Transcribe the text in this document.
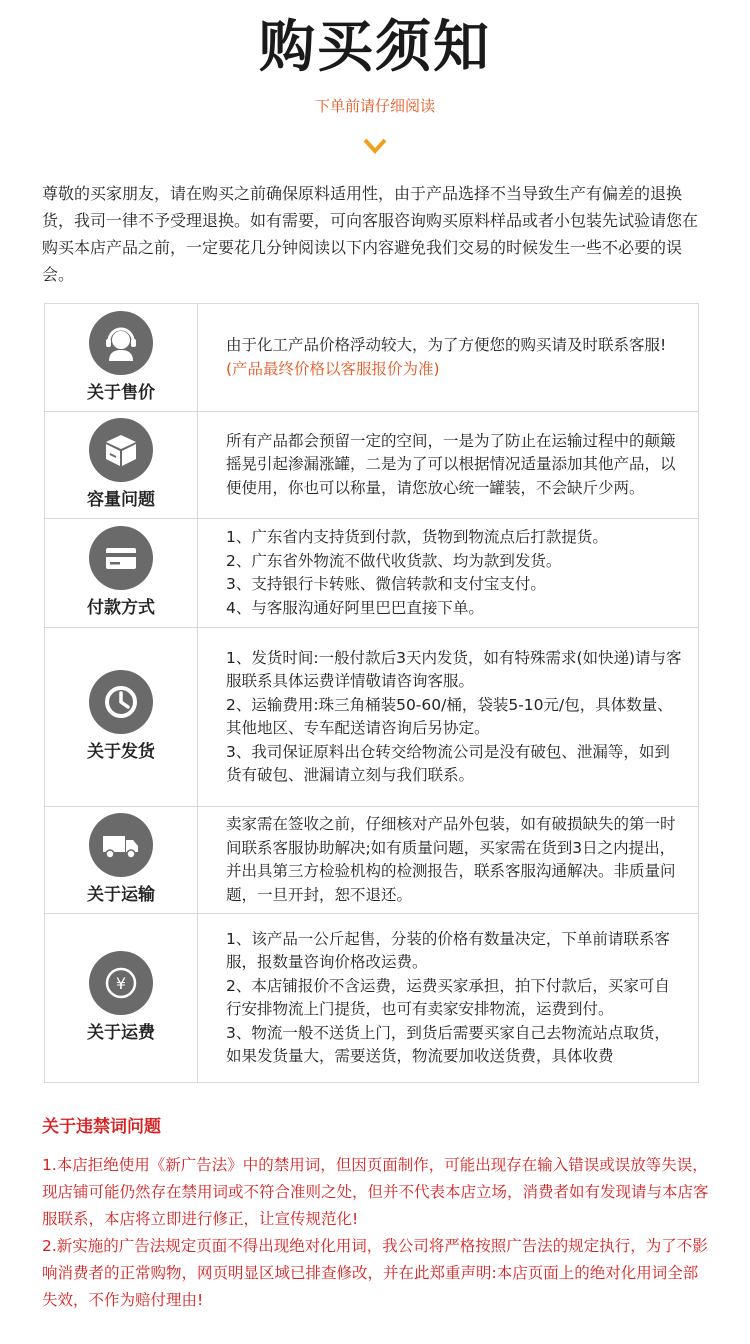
购买须知
下单前请仔细阅读

尊敬的买家朋友，请在购买之前确保原料适用性，由于产品选择不当导致生产有偏差的退换货，我司一律不予受理退换。如有需要，可向客服咨询购买原料样品或者小包装先试验请您在购买本店产品之前，一定要花几分钟阅读以下内容避免我们交易的时候发生一些不必要的误会。

关于售价

由于化工产品价格浮动较大，为了方便您的购买请及时联系客服!(产品最终价格以客服报价为准)

容量问题

所有产品都会预留一定的空间，一是为了防止在运输过程中的颠簸摇晃引起渗漏涨罐，二是为了可以根据情况适量添加其他产品，以便使用，你也可以称量，请您放心统一罐装，不会缺斤少两。

付款方式

1、广东省内支持货到付款，货物到物流点后打款提货。

2、广东省外物流不做代收货款、均为款到发货。

3、支持银行卡转账、微信转款和支付宝支付。

4、与客服沟通好阿里巴巴直接下单。

关于发货

1、发货时间:一般付款后3天内发货，如有特殊需求(如快递)请与客服联系具体运费详情敬请咨询客服。

2、运输费用:珠三角桶装50-60/桶，袋装5-10元/包，具体数量、其他地区、专车配送请咨询后另协定。

3、我司保证原料出仓转交给物流公司是没有破包、泄漏等，如到货有破包、泄漏请立刻与我们联系。

关于运输

卖家需在签收之前，仔细核对产品外包装，如有破损缺失的第一时间联系客服协助解决;如有质量问题，买家需在货到3日之内提出，并出具第三方检验机构的检测报告，联系客服沟通解决。非质量问题，一旦开封，恕不退还。

¥
关于运费

1、该产品一公斤起售，分装的价格有数量决定，下单前请联系客服，报数量咨询价格改运费。

2、本店铺报价不含运费，运费买家承担，拍下付款后，买家可自行安排物流上门提货，也可有卖家安排物流，运费到付。

3、物流一般不送货上门，到货后需要买家自己去物流站点取货，如果发货量大，需要送货，物流要加收送货费，具体收费

关于违禁词问题

1.本店拒绝使用《新广告法》中的禁用词，但因页面制作，可能出现存在输入错误或误放等失误，现店铺可能仍然存在禁用词或不符合准则之处，但并不代表本店立场，消费者如有发现请与本店客服联系，本店将立即进行修正，让宣传规范化!

2.新实施的广告法规定页面不得出现绝对化用词，我公司将严格按照广告法的规定执行，为了不影响消费者的正常购物，网页明显区域已排查修改，并在此郑重声明:本店页面上的绝对化用词全部失效，不作为赔付理由!
